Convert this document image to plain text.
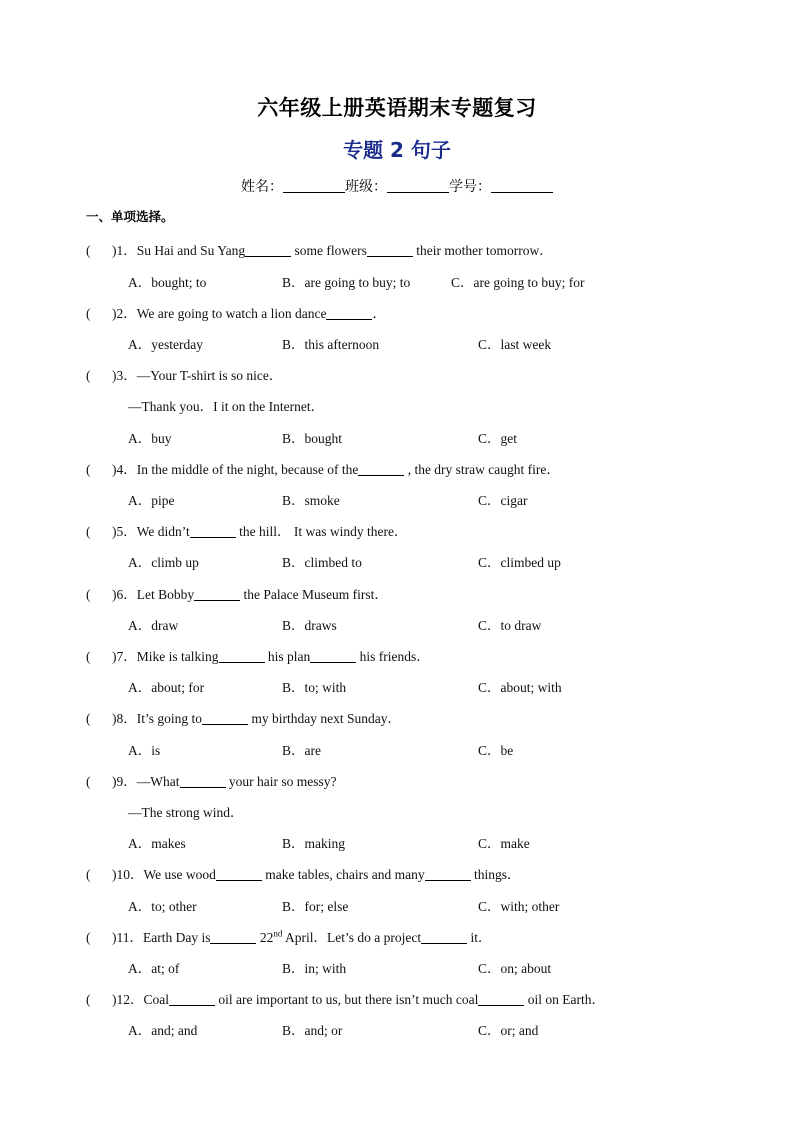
六年级上册英语期末专题复习
专题 2 句子
姓名：	班级：	学号：
一、单项选择。
( )1．Su Hai and Su Yang	some flowers	their mother tomorrow．
A．bought; to	B．are going to buy; to	C．are going to buy; for
( )2．We are going to watch a lion dance	．
A．yesterday	B．this afternoon	C．last week
( )3．—Your T-shirt is so nice．
—Thank you．I it on the Internet．
A．buy	B．bought	C．get
( )4．In the middle of the night, because of the	, the dry straw caught fire．
A．pipe	B．smoke	C．cigar
( )5．We didn’t	the hill． It was windy there．
A．climb up	B．climbed to	C．climbed up
( )6．Let Bobby	the Palace Museum first．
A．draw	B．draws	C．to draw
( )7．Mike is talking	his plan	his friends．
A．about; for	B．to; with	C．about; with
( )8．It’s going to	my birthday next Sunday．
A．is	B．are	C．be
( )9．—What	your hair so messy?
—The strong wind．
A．makes	B．making	C．make
( )10．We use wood	make tables, chairs and many	things．
A．to; other	B．for; else	C．with; other
( )11．Earth Day is	22nd April．Let’s do a project	it．
A．at; of	B．in; with	C．on; about
( )12．Coal	oil are important to us, but there isn’t much coal	oil on Earth．
A．and; and	B．and; or	C．or; and
